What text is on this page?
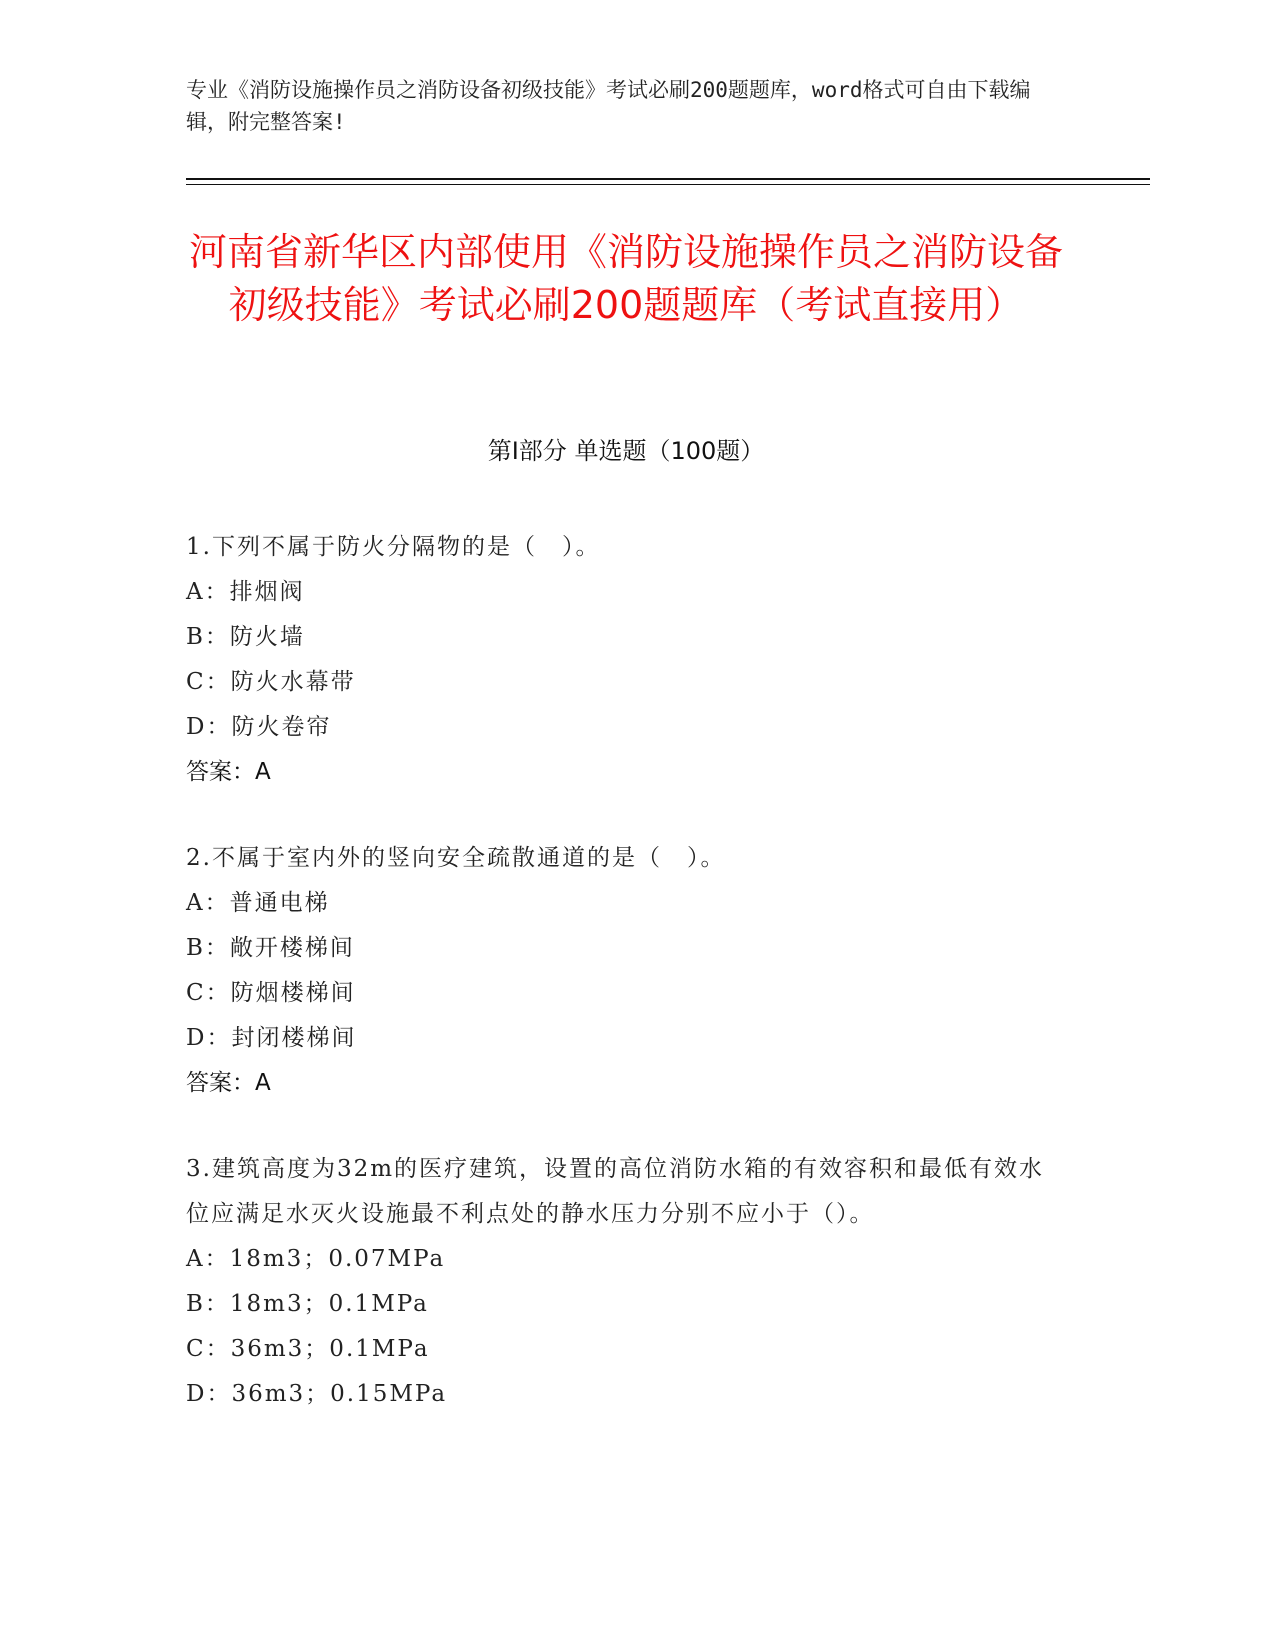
专业《消防设施操作员之消防设备初级技能》考试必刷200题题库，word格式可自由下载编辑，附完整答案!
河南省新华区内部使用《消防设施操作员之消防设备初级技能》考试必刷200题题库（考试直接用）
第I部分 单选题（100题）

1.下列不属于防火分隔物的是（　）。

A：排烟阀

B：防火墙

C：防火水幕带

D：防火卷帘

答案：A

2.不属于室内外的竖向安全疏散通道的是（　）。

A：普通电梯

B：敞开楼梯间

C：防烟楼梯间

D：封闭楼梯间

答案：A

3.建筑高度为32m的医疗建筑，设置的高位消防水箱的有效容积和最低有效水位应满足水灭火设施最不利点处的静水压力分别不应小于（）。

A：18m3；0.07MPa

B：18m3；0.1MPa

C：36m3；0.1MPa

D：36m3；0.15MPa
